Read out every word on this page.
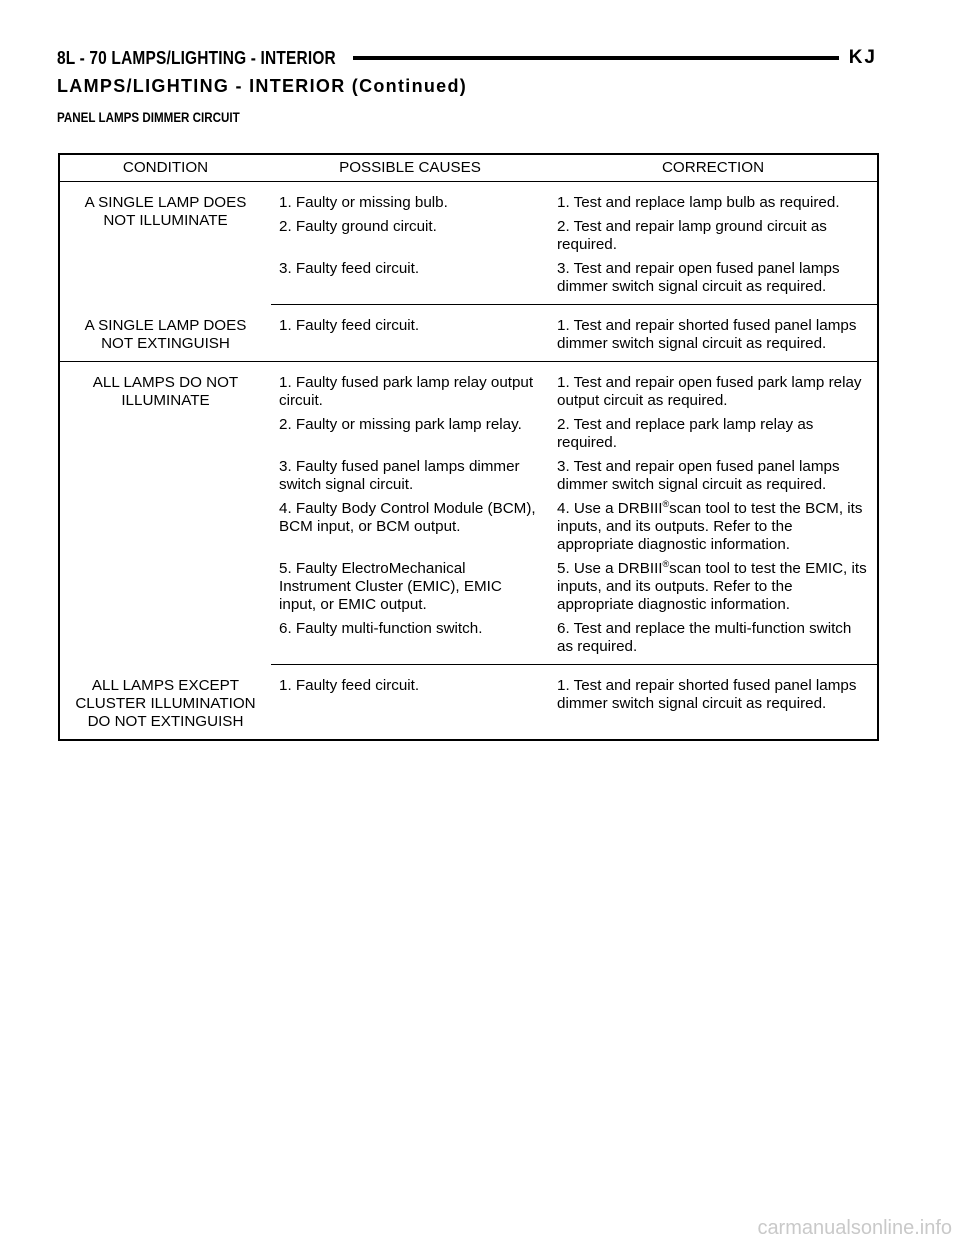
8L - 70 LAMPS/LIGHTING - INTERIOR	KJ
LAMPS/LIGHTING - INTERIOR (Continued)
PANEL LAMPS DIMMER CIRCUIT
CONDITION	POSSIBLE CAUSES	CORRECTION
A SINGLE LAMP DOES NOT ILLUMINATE	1. Faulty or missing bulb.	1. Test and replace lamp bulb as required.
	2. Faulty ground circuit.	2. Test and repair lamp ground circuit as required.
	3. Faulty feed circuit.	3. Test and repair open fused panel lamps dimmer switch signal circuit as required.
A SINGLE LAMP DOES NOT EXTINGUISH	1. Faulty feed circuit.	1. Test and repair shorted fused panel lamps dimmer switch signal circuit as required.
ALL LAMPS DO NOT ILLUMINATE	1. Faulty fused park lamp relay output circuit.	1. Test and repair open fused park lamp relay output circuit as required.
	2. Faulty or missing park lamp relay.	2. Test and replace park lamp relay as required.
	3. Faulty fused panel lamps dimmer switch signal circuit.	3. Test and repair open fused panel lamps dimmer switch signal circuit as required.
	4. Faulty Body Control Module (BCM), BCM input, or BCM output.	4. Use a DRBIII®scan tool to test the BCM, its inputs, and its outputs. Refer to the appropriate diagnostic information.
	5. Faulty ElectroMechanical Instrument Cluster (EMIC), EMIC input, or EMIC output.	5. Use a DRBIII®scan tool to test the EMIC, its inputs, and its outputs. Refer to the appropriate diagnostic information.
	6. Faulty multi-function switch.	6. Test and replace the multi-function switch as required.
ALL LAMPS EXCEPT CLUSTER ILLUMINATION DO NOT EXTINGUISH	1. Faulty feed circuit.	1. Test and repair shorted fused panel lamps dimmer switch signal circuit as required.
carmanualsonline.info
